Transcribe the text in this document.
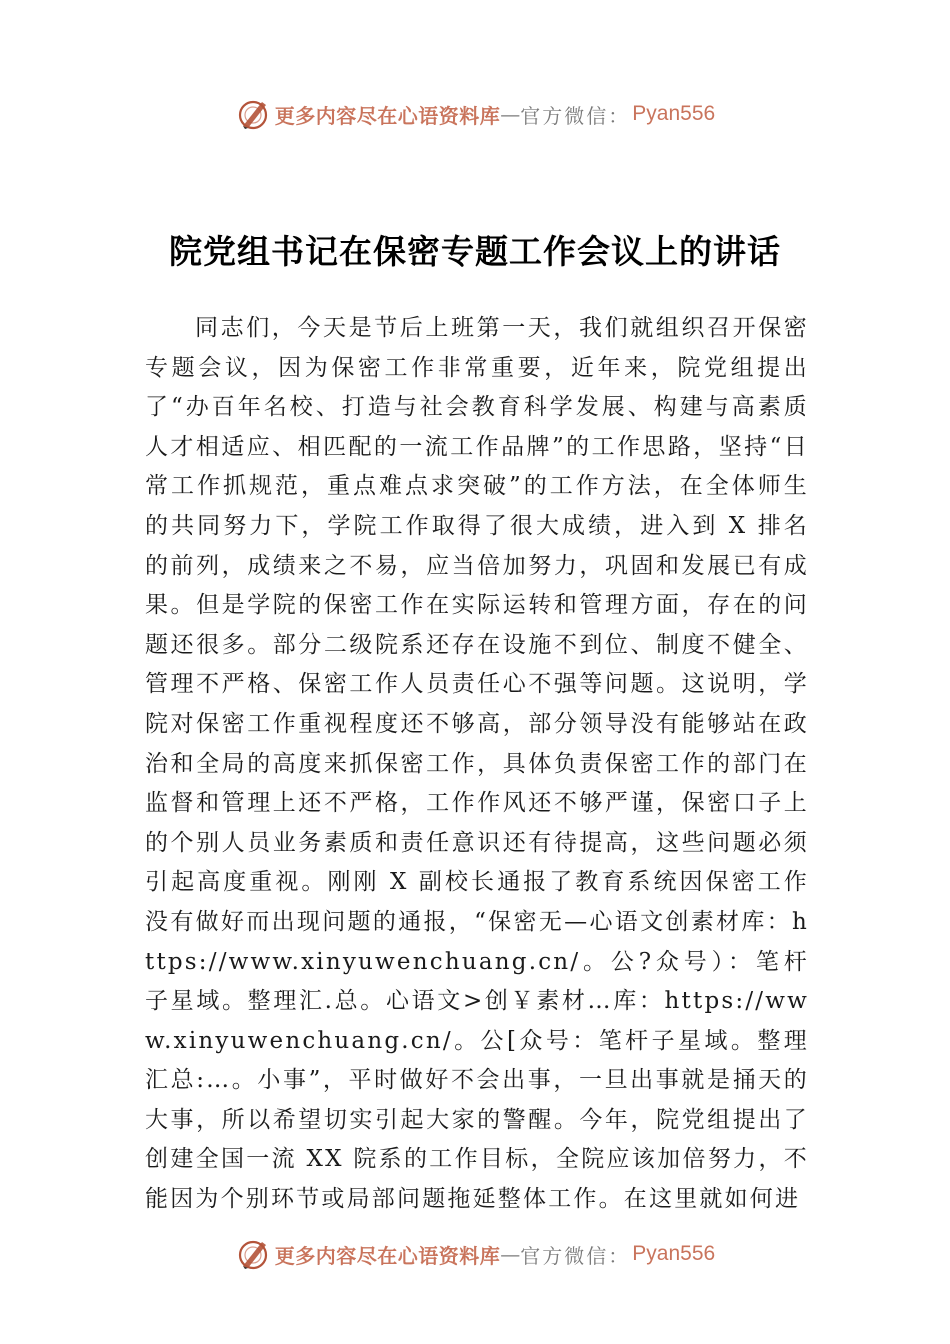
更多内容尽在心语资料库 — 官方微信： Pyan556
院党组书记在保密专题工作会议上的讲话

同志们，今天是节后上班第一天，我们就组织召开保密专题会议，因为保密工作非常重要，近年来，院党组提出了“办百年名校、打造与社会教育科学发展、构建与高素质人才相适应、相匹配的一流工作品牌”的工作思路，坚持“日常工作抓规范，重点难点求突破”的工作方法，在全体师生的共同努力下，学院工作取得了很大成绩，进入到 X 排名的前列，成绩来之不易，应当倍加努力，巩固和发展已有成果。但是学院的保密工作在实际运转和管理方面，存在的问题还很多。部分二级院系还存在设施不到位、制度不健全、管理不严格、保密工作人员责任心不强等问题。这说明，学院对保密工作重视程度还不够高，部分领导没有能够站在政治和全局的高度来抓保密工作，具体负责保密工作的部门在监督和管理上还不严格，工作作风还不够严谨，保密口子上的个别人员业务素质和责任意识还有待提高，这些问题必须引起高度重视。刚刚 X 副校长通报了教育系统因保密工作没有做好而出现问题的通报，“保密无—心语文创素材库：https://www.xinyuwenchuang.cn/。公?众号）：笔杆子星域。整理汇.总。心语文>创￥素材…库：https://www.xinyuwenchuang.cn/。公[众号：笔杆子星域。整理汇总:…。小事”，平时做好不会出事，一旦出事就是捅天的大事，所以希望切实引起大家的警醒。今年，院党组提出了创建全国一流 XX 院系的工作目标，全院应该加倍努力，不能因为个别环节或局部问题拖延整体工作。在这里就如何进

更多内容尽在心语资料库 — 官方微信： Pyan556
